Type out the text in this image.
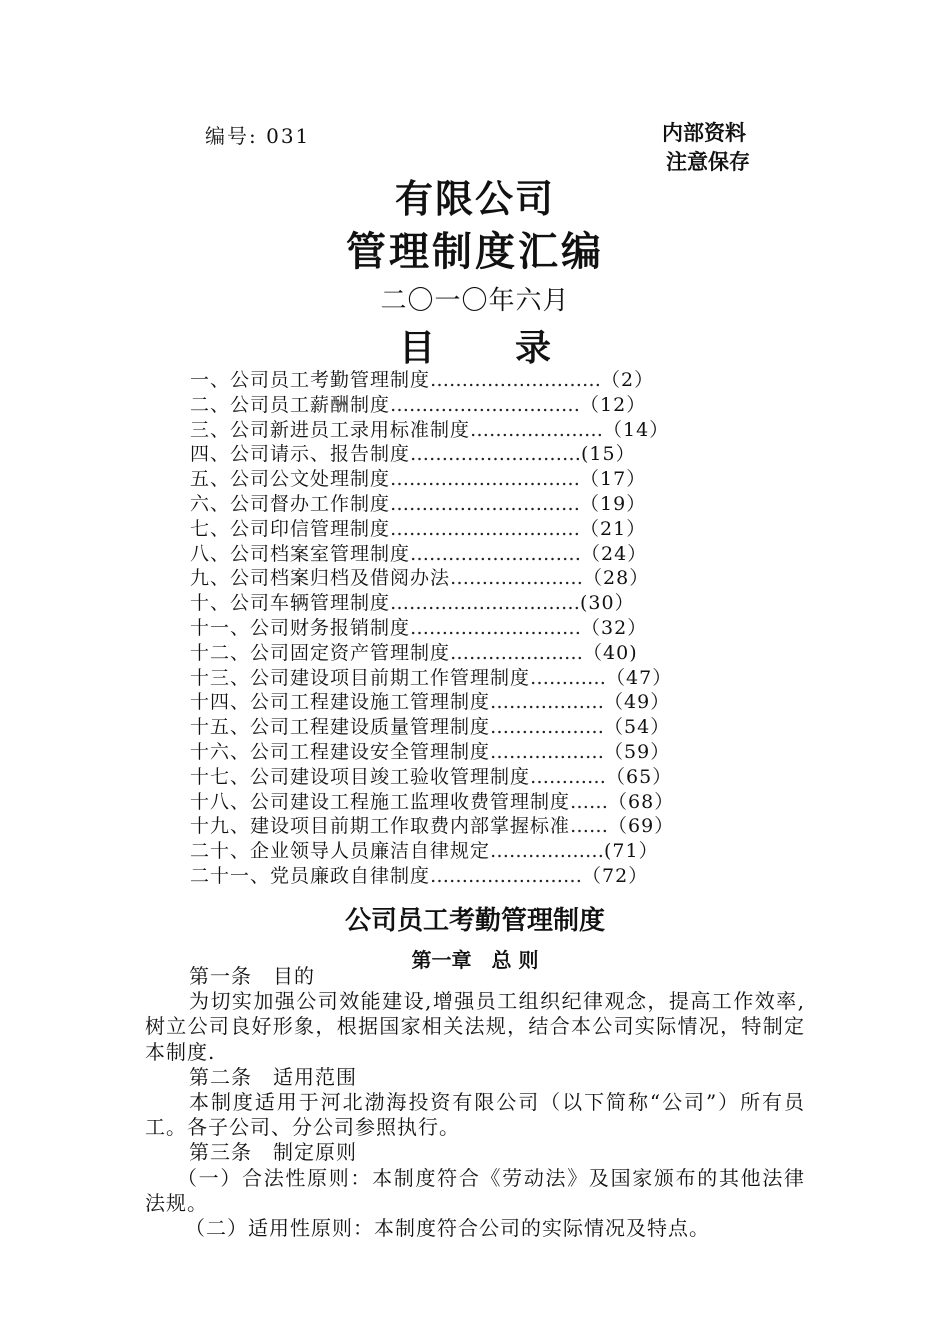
编号: 031	内部资料
注意保存
有限公司
管理制度汇编
二〇一〇年六月
目录
一、公司员工考勤管理制度………………………（2）
二、公司员工薪酬制度…………………………（12）
三、公司新进员工录用标准制度…………………（14）
四、公司请示、报告制度………………………(15）
五、公司公文处理制度…………………………（17）
六、公司督办工作制度…………………………（19）
七、公司印信管理制度…………………………（21）
八、公司档案室管理制度………………………（24）
九、公司档案归档及借阅办法…………………（28）
十、公司车辆管理制度…………………………(30）
十一、公司财务报销制度………………………（32）
十二、公司固定资产管理制度…………………（40)
十三、公司建设项目前期工作管理制度…………（47）
十四、公司工程建设施工管理制度………………（49）
十五、公司工程建设质量管理制度………………（54）
十六、公司工程建设安全管理制度………………（59）
十七、公司建设项目竣工验收管理制度…………（65）
十八、公司建设工程施工监理收费管理制度……（68）
十九、建设项目前期工作取费内部掌握标准……（69）
二十、企业领导人员廉洁自律规定………………(71）
二十一、党员廉政自律制度……………………（72）
公司员工考勤管理制度
第一章　总 则
第一条　目的
为切实加强公司效能建设,增强员工组织纪律观念，提高工作效率,树立公司良好形象，根据国家相关法规，结合本公司实际情况，特制定本制度.
第二条　适用范围
本制度适用于河北渤海投资有限公司（以下简称“公司”）所有员工。各子公司、分公司参照执行。
第三条　制定原则
（一）合法性原则：本制度符合《劳动法》及国家颁布的其他法律法规。
（二）适用性原则：本制度符合公司的实际情况及特点。
